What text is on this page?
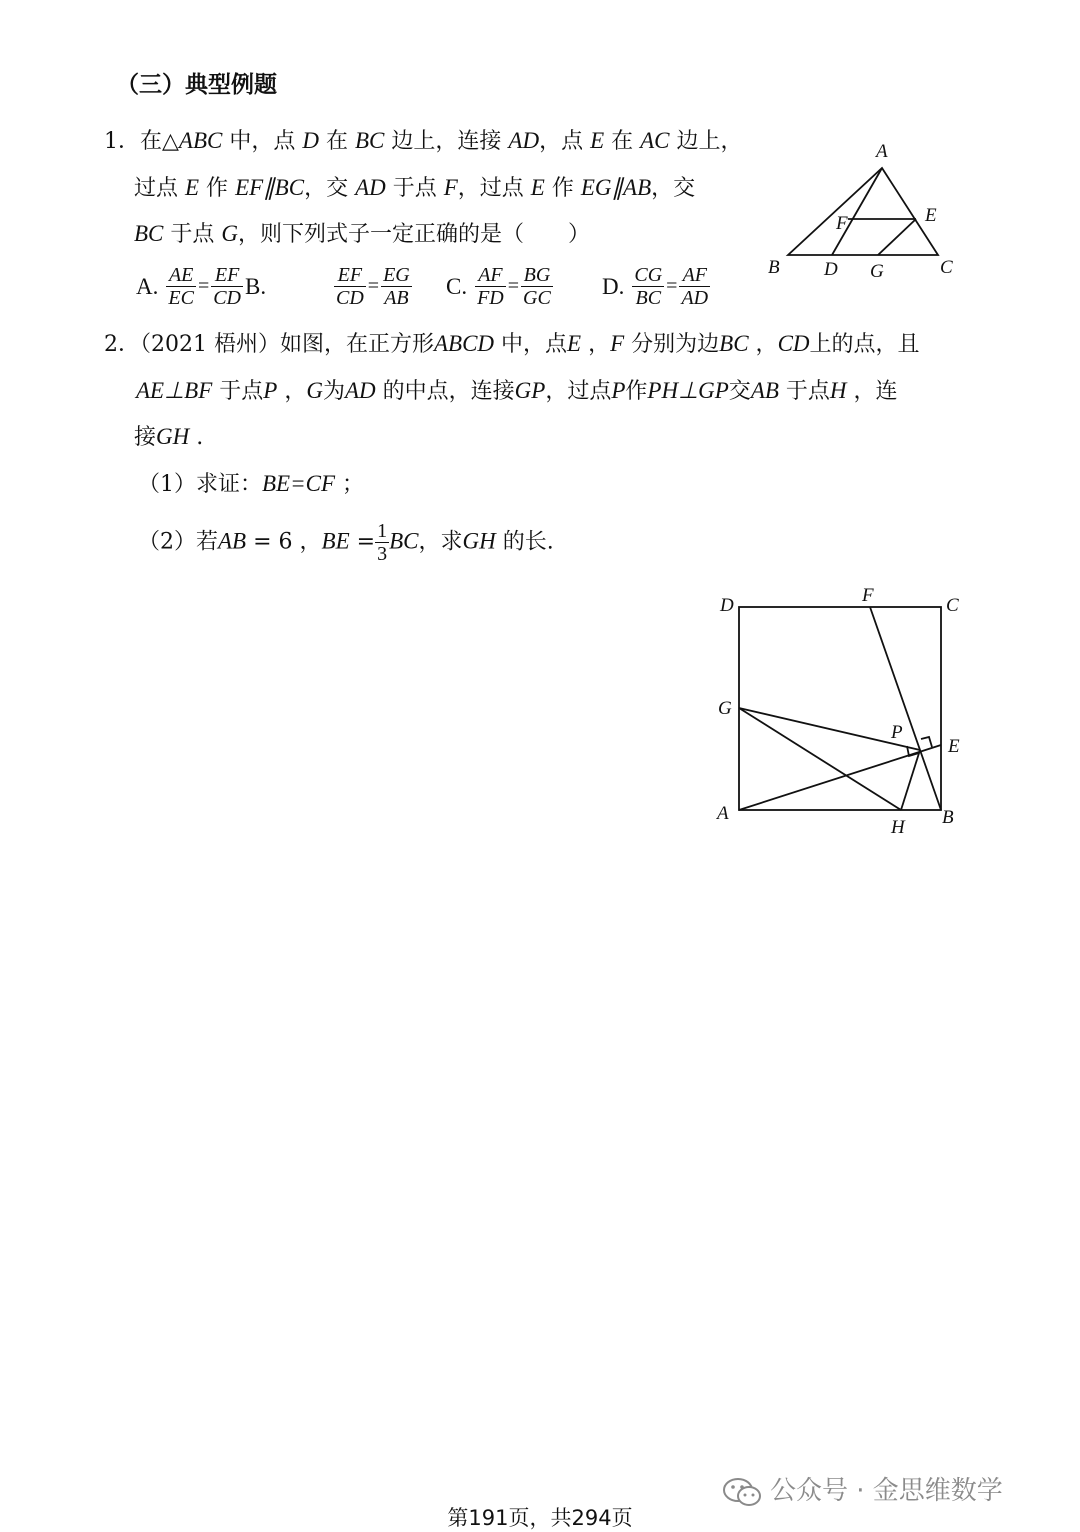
（三）典型例题
1．在△ABC 中，点 D 在 BC 边上，连接 AD，点 E 在 AC 边上，
过点 E 作 EF∥BC，交 AD 于点 F，过点 E 作 EG∥AB，交
BC 于点 G，则下列式子一定正确的是（　　）
A. $\frac{AE}{EC} = \frac{EF}{CD} B$.	$\frac{EF}{CD} = \frac{EG}{AB} C$. $\frac{AF}{FD} = \frac{BG}{GC} D$. $\frac{CG}{BC} = \frac{AF}{AD}$
A
B	C
D
E
F
G
2．（2021 梧州）如图，在正方形ABCD 中，点E ，F 分别为边BC ，CD上的点，且
AE⊥BF 于点P ，G为AD 的中点，连接GP，过点P作PH⊥GP交AB 于点H ，连
接GH .
（1）求证：BE=CF ；
（2）若AB = 6 ，BE = $\frac{1}{3}$ BC，求GH 的长.
D	F	C
G
P
E
A
H B
公众号 · 金思维数学
第191页，共294页
